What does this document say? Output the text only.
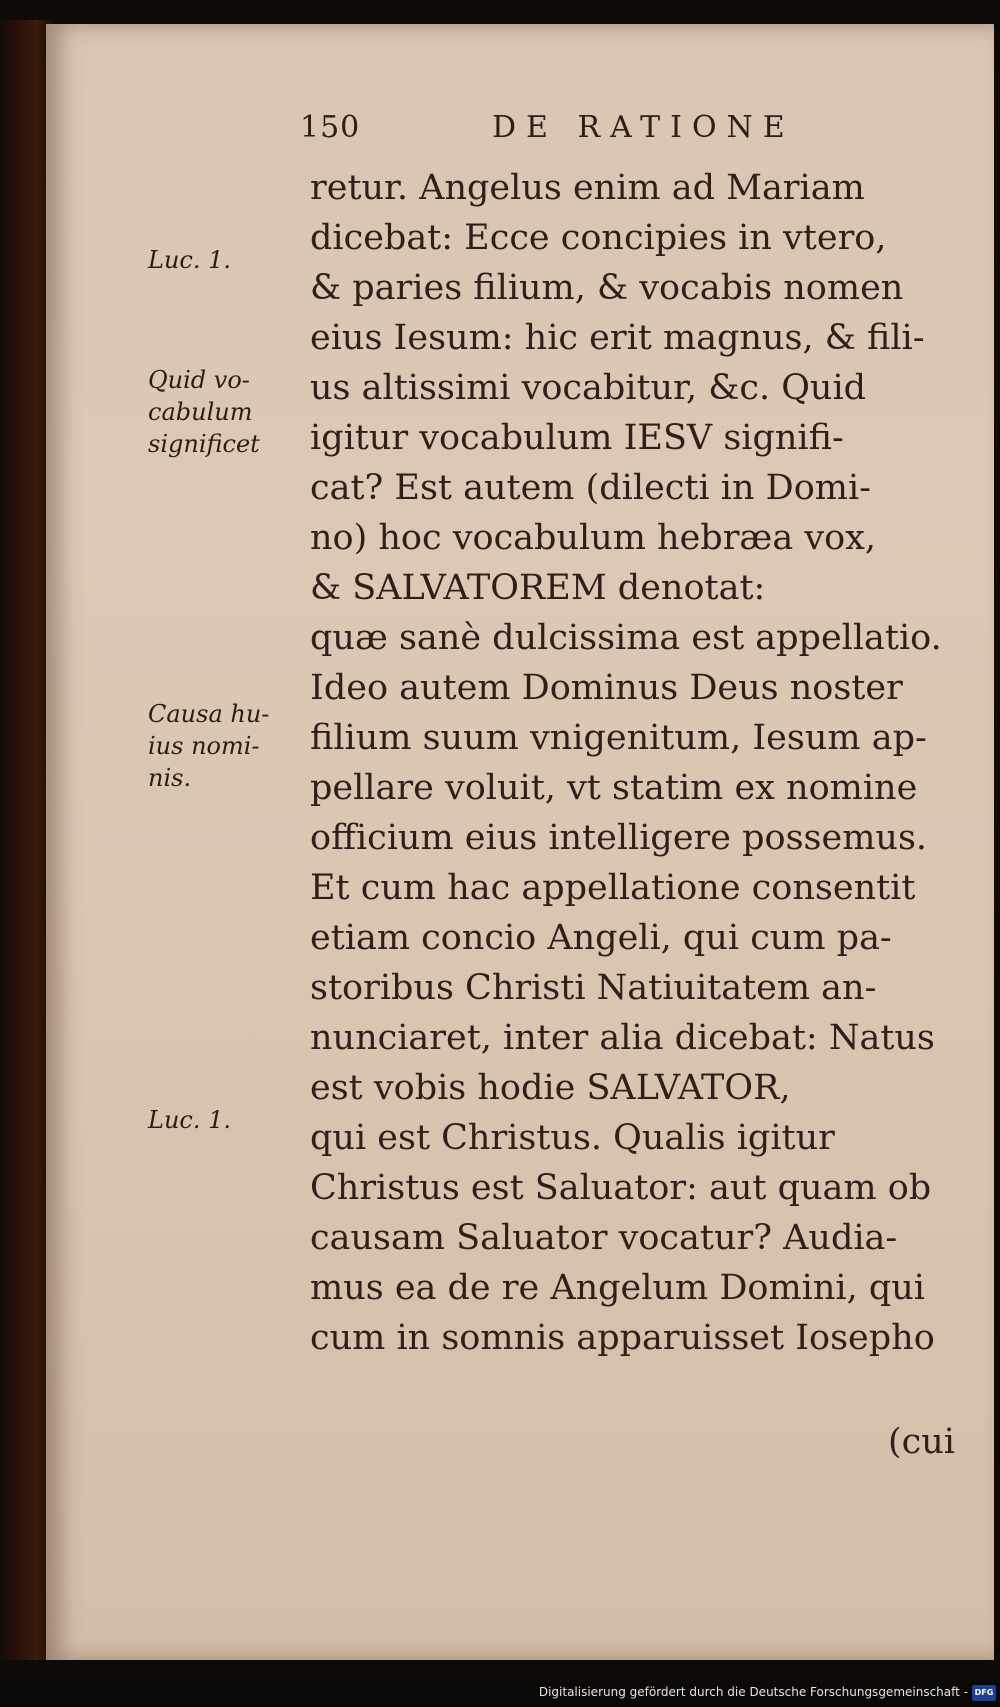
150	DE RATIONE
retur. Angelus enim ad Mariam
dicebat: Ecce concipies in vtero,
& paries filium, & vocabis nomen
eius Iesum: hic erit magnus, & fili-
us altissimi vocabitur, &c. Quid
igitur vocabulum IESV signifi-
cat? Est autem (dilecti in Domi-
no) hoc vocabulum hebræa vox,
& SALVATOREM denotat:
quæ sanè dulcissima est appellatio.
Ideo autem Dominus Deus noster
filium suum vnigenitum, Iesum ap-
pellare voluit, vt statim ex nomine
officium eius intelligere possemus.
Et cum hac appellatione consentit
etiam concio Angeli, qui cum pa-
storibus Christi Natiuitatem an-
nunciaret, inter alia dicebat: Natus
est vobis hodie SALVATOR,
qui est Christus. Qualis igitur
Christus est Saluator: aut quam ob
causam Saluator vocatur? Audia-
mus ea de re Angelum Domini, qui
cum in somnis apparuisset Iosepho
(cui
Luc. 1.
Quid vo-
cabulum
significet
Causa hu-
ius nomi-
nis.
Luc. 1.
Digitalisierung gefördert durch die Deutsche Forschungsgemeinschaft - DFG
